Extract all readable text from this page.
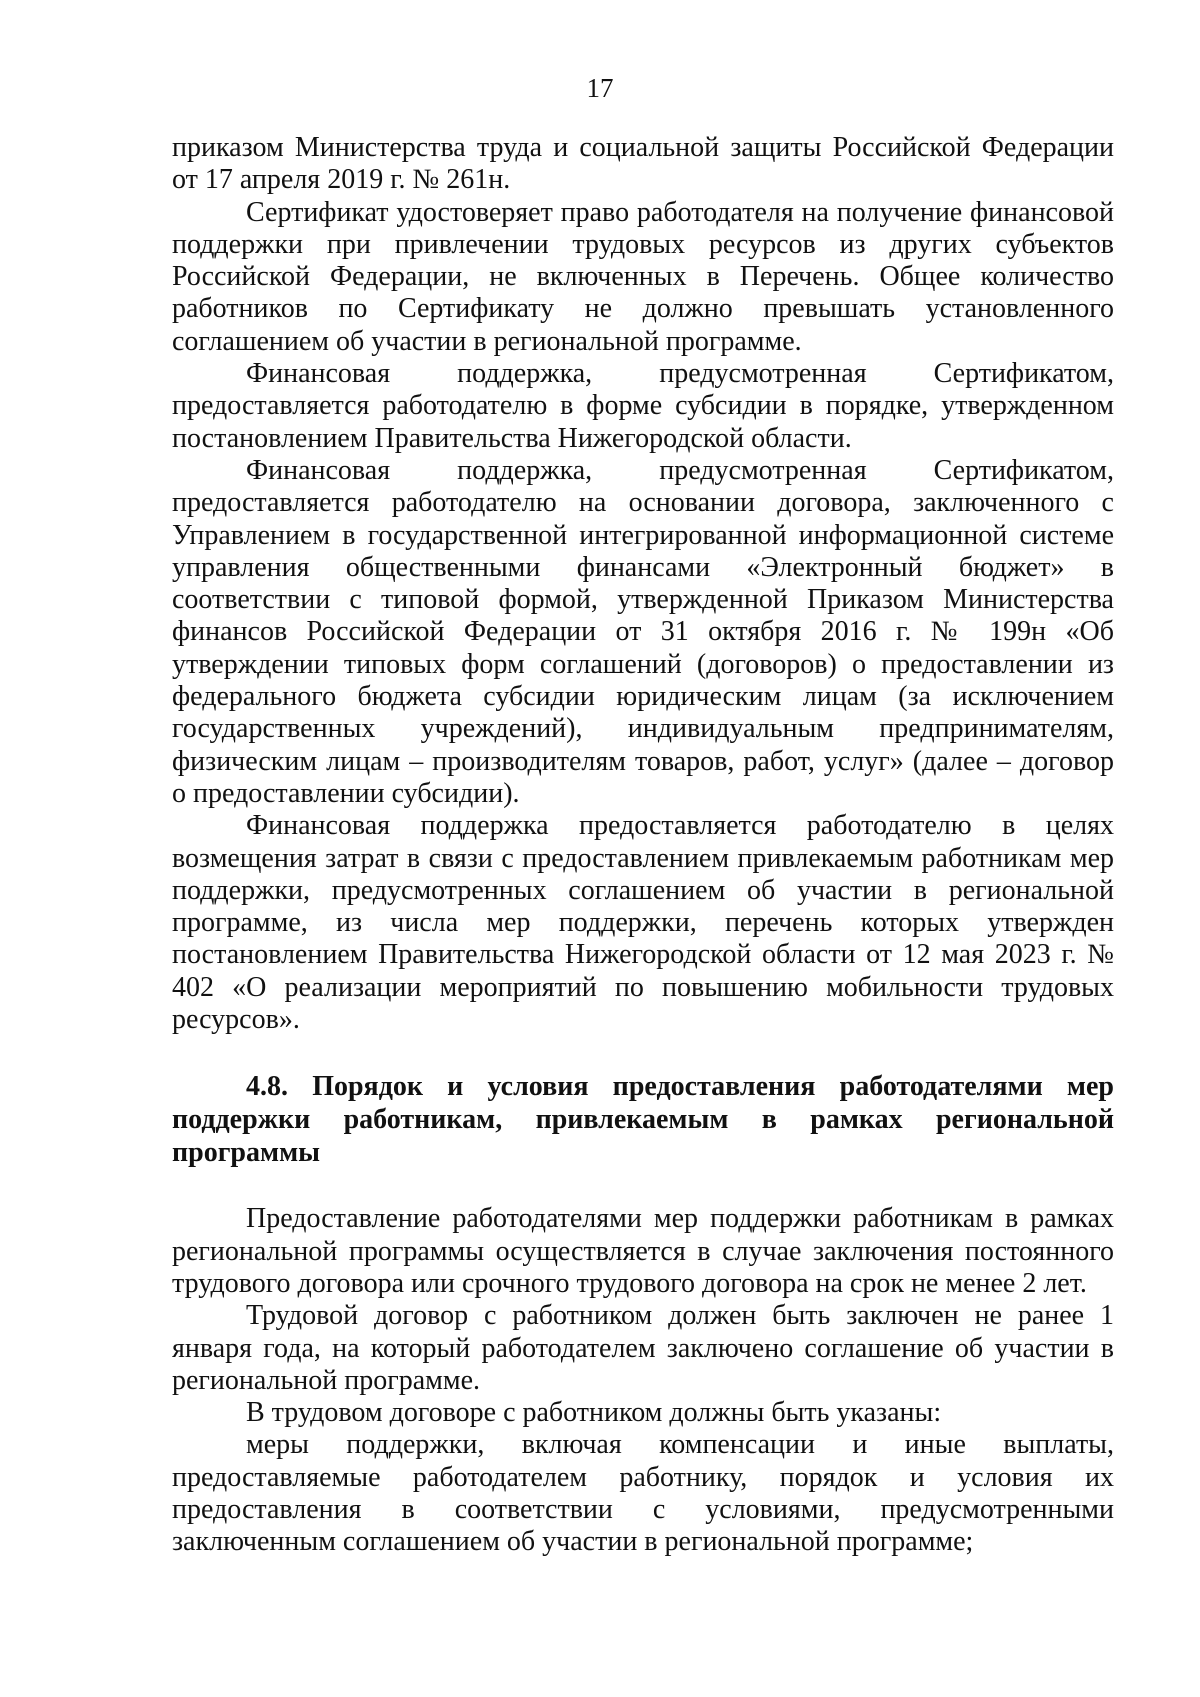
17

приказом Министерства труда и социальной защиты Российской Федерации от 17 апреля 2019 г. № 261н.

Сертификат удостоверяет право работодателя на получение финансовой поддержки при привлечении трудовых ресурсов из других субъектов Российской Федерации, не включенных в Перечень. Общее количество работников по Сертификату не должно превышать установленного соглашением об участии в региональной программе.

Финансовая поддержка, предусмотренная Сертификатом, предоставляется работодателю в форме субсидии в порядке, утвержденном постановлением Правительства Нижегородской области.

Финансовая поддержка, предусмотренная Сертификатом, предоставляется работодателю на основании договора, заключенного с Управлением в государственной интегрированной информационной системе управления общественными финансами «Электронный бюджет» в соответствии с типовой формой, утвержденной Приказом Министерства финансов Российской Федерации от 31 октября 2016 г. № 199н «Об утверждении типовых форм соглашений (договоров) о предоставлении из федерального бюджета субсидии юридическим лицам (за исключением государственных учреждений), индивидуальным предпринимателям, физическим лицам – производителям товаров, работ, услуг» (далее – договор о предоставлении субсидии).

Финансовая поддержка предоставляется работодателю в целях возмещения затрат в связи с предоставлением привлекаемым работникам мер поддержки, предусмотренных соглашением об участии в региональной программе, из числа мер поддержки, перечень которых утвержден постановлением Правительства Нижегородской области от 12 мая 2023 г. № 402 «О реализации мероприятий по повышению мобильности трудовых ресурсов».

4.8. Порядок и условия предоставления работодателями мер поддержки работникам, привлекаемым в рамках региональной программы

Предоставление работодателями мер поддержки работникам в рамках региональной программы осуществляется в случае заключения постоянного трудового договора или срочного трудового договора на срок не менее 2 лет.

Трудовой договор с работником должен быть заключен не ранее 1 января года, на который работодателем заключено соглашение об участии в региональной программе.

В трудовом договоре с работником должны быть указаны:

меры поддержки, включая компенсации и иные выплаты, предоставляемые работодателем работнику, порядок и условия их предоставления в соответствии с условиями, предусмотренными заключенным соглашением об участии в региональной программе;
